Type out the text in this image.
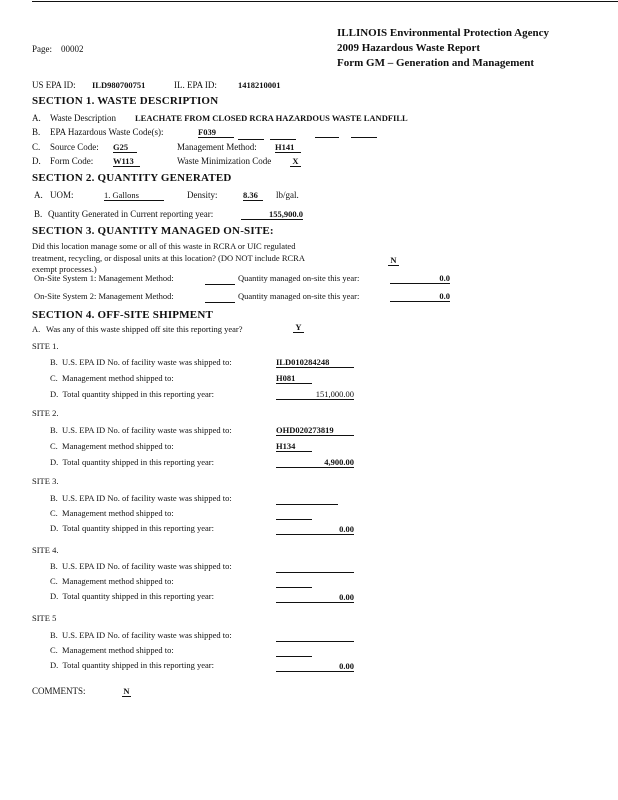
Page: 00002
ILLINOIS Environmental Protection Agency
2009 Hazardous Waste Report
Form GM – Generation and Management
US EPA ID: ILD980700751	IL. EPA ID: 1418210001
SECTION 1. WASTE DESCRIPTION
A. Waste Description LEACHATE FROM CLOSED RCRA HAZARDOUS WASTE LANDFILL
B. EPA Hazardous Waste Code(s):	F039
C. Source Code: G25	Management Method: H141
D. Form Code: W113	Waste Minimization Code X
SECTION 2. QUANTITY GENERATED
A. UOM:	1. Gallons	Density:	8.36	lb/gal.
B. Quantity Generated in Current reporting year:	155,900.0
SECTION 3. QUANTITY MANAGED ON-SITE:
Did this location manage some or all of this waste in RCRA or UIC regulated
treatment, recycling, or disposal units at this location? (DO NOT include RCRA
exempt processes.)
N
On-Site System 1: Management Method:	Quantity managed on-site this year:	0.0
On-Site System 2: Management Method:	Quantity managed on-site this year:	0.0
SECTION 4. OFF-SITE SHIPMENT
A. Was any of this waste shipped off site this reporting year?	Y
SITE 1.
B.  U.S. EPA ID No. of facility waste was shipped to:	ILD010284248
C.  Management method shipped to:	H081
D.  Total quantity shipped in this reporting year:	151,000.00
SITE 2.
B.  U.S. EPA ID No. of facility waste was shipped to:	OHD020273819
C.  Management method shipped to:	H134
D.  Total quantity shipped in this reporting year:	4,900.00
SITE 3.
B.  U.S. EPA ID No. of facility waste was shipped to:
C.  Management method shipped to:
D.  Total quantity shipped in this reporting year:	0.00
SITE 4.
B.  U.S. EPA ID No. of facility waste was shipped to:
C.  Management method shipped to:
D.  Total quantity shipped in this reporting year:	0.00
SITE 5
B.  U.S. EPA ID No. of facility waste was shipped to:
C.  Management method shipped to:
D.  Total quantity shipped in this reporting year:	0.00
COMMENTS:	N
